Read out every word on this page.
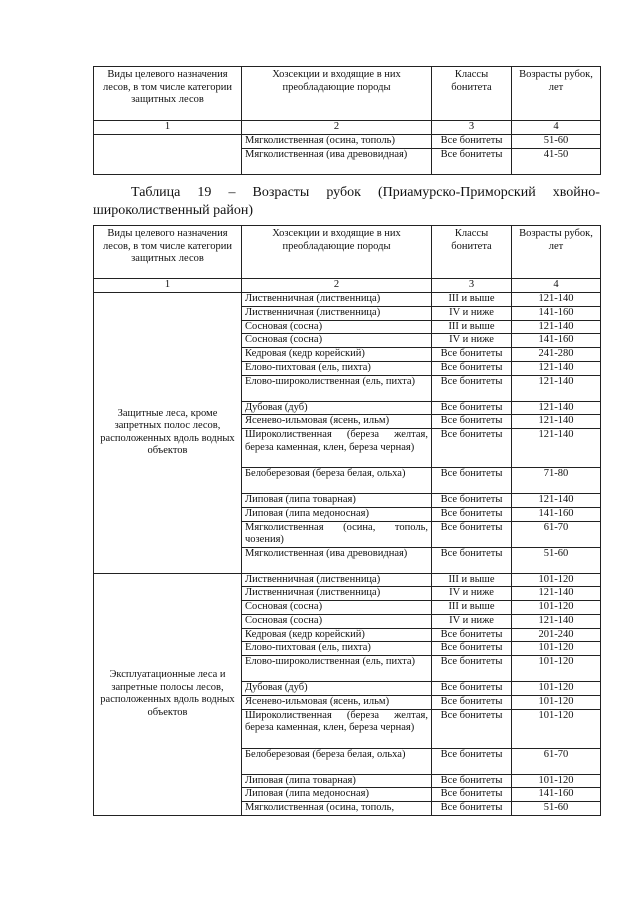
Виды целевого назначения лесов, в том числе категории защитных лесов	Хозсекции и входящие в них преобладающие породы	Классы бонитета	Возрасты рубок, лет
1	2	3	4
	Мягколиственная (осина, тополь)	Все бонитеты	51-60
	Мягколиственная (ива древовидная)	Все бонитеты	41-50
Таблица 19 – Возрасты рубок (Приамурско-Приморский хвойно-
широколиственный район)
Виды целевого назначения лесов, в том числе категории защитных лесов	Хозсекции и входящие в них преобладающие породы	Классы бонитета	Возрасты рубок, лет
1	2	3	4
Защитные леса, кроме запретных полос лесов, расположенных вдоль водных объектов	Лиственничная (лиственница)	III и выше	121-140
	Лиственничная (лиственница)	IV и ниже	141-160
	Сосновая (сосна)	III и выше	121-140
	Сосновая (сосна)	IV и ниже	141-160
	Кедровая (кедр корейский)	Все бонитеты	241-280
	Елово-пихтовая (ель, пихта)	Все бонитеты	121-140
	Елово-широколиственная (ель, пихта)	Все бонитеты	121-140
	Дубовая (дуб)	Все бонитеты	121-140
	Ясенево-ильмовая (ясень, ильм)	Все бонитеты	121-140
	Широколиственная (береза желтая, береза каменная, клен, береза черная)	Все бонитеты	121-140
	Белоберезовая (береза белая, ольха)	Все бонитеты	71-80
	Липовая (липа товарная)	Все бонитеты	121-140
	Липовая (липа медоносная)	Все бонитеты	141-160
	Мягколиственная (осина, тополь, чозения)	Все бонитеты	61-70
	Мягколиственная (ива древовидная)	Все бонитеты	51-60
Эксплуатационные леса и запретные полосы лесов, расположенных вдоль водных объектов	Лиственничная (лиственница)	III и выше	101-120
	Лиственничная (лиственница)	IV и ниже	121-140
	Сосновая (сосна)	III и выше	101-120
	Сосновая (сосна)	IV и ниже	121-140
	Кедровая (кедр корейский)	Все бонитеты	201-240
	Елово-пихтовая (ель, пихта)	Все бонитеты	101-120
	Елово-широколиственная (ель, пихта)	Все бонитеты	101-120
	Дубовая (дуб)	Все бонитеты	101-120
	Ясенево-ильмовая (ясень, ильм)	Все бонитеты	101-120
	Широколиственная (береза желтая, береза каменная, клен, береза черная)	Все бонитеты	101-120
	Белоберезовая (береза белая, ольха)	Все бонитеты	61-70
	Липовая (липа товарная)	Все бонитеты	101-120
	Липовая (липа медоносная)	Все бонитеты	141-160
	Мягколиственная (осина, тополь,	Все бонитеты	51-60
